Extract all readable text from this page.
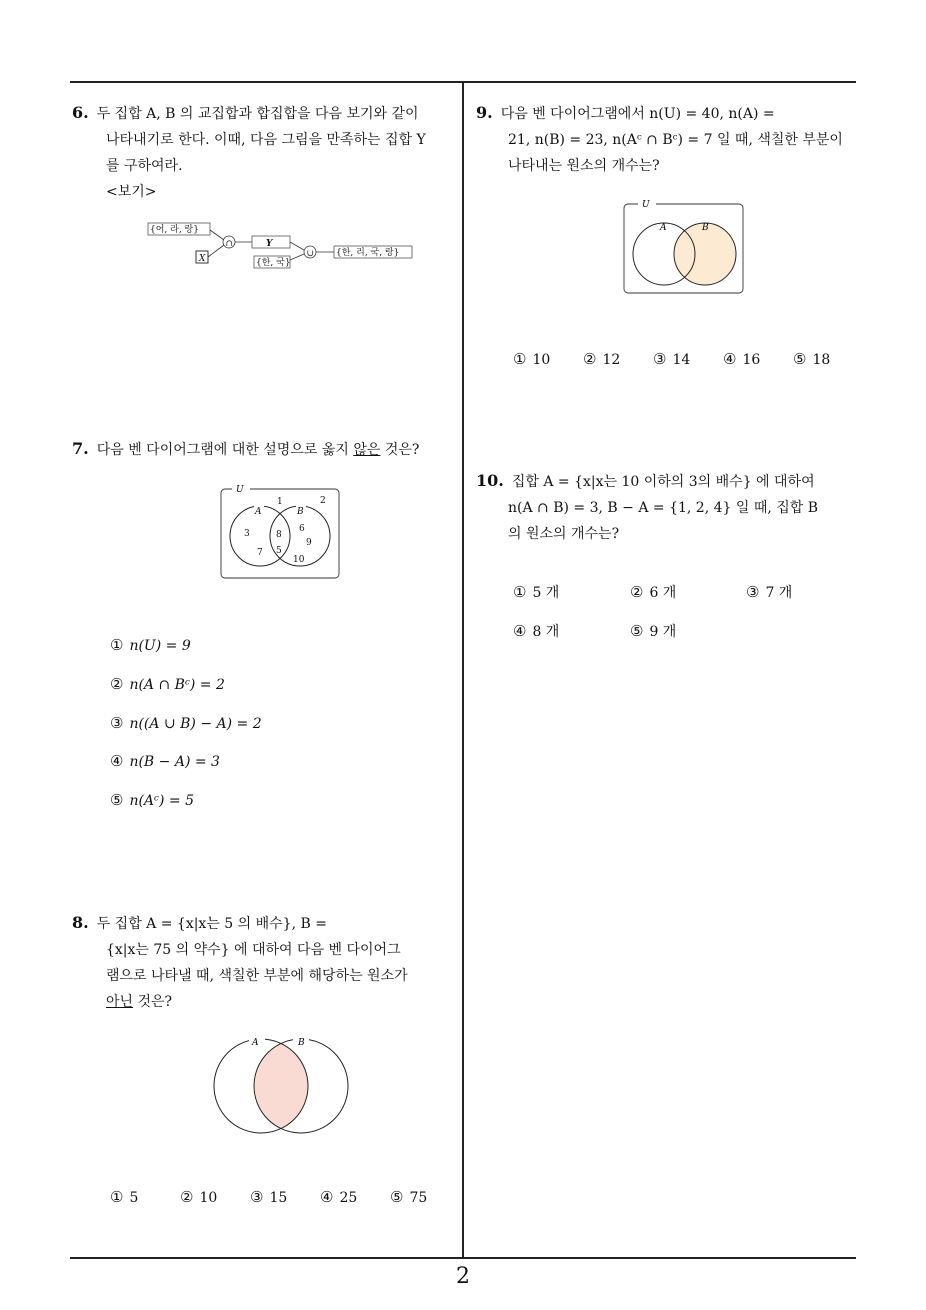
6. 두 집합 A, B 의 교집합과 합집합을 다음 보기와 같이
나타내기로 한다. 이때, 다음 그림을 만족하는 집합 Y
를 구하여라.
<보기>
{어, 라, 랑}
X
∩	Y
{한, 국}
∪ {한, 리, 국, 랑}
7. 다음 벤 다이어그램에 대한 설명으로 옳지 않은 것은?
U
A	B
1	2
3
7
8
5
6
9
10
① n(U) = 9
② n(A ∩ Bᶜ) = 2
③ n((A ∪ B) − A) = 2
④ n(B − A) = 3
⑤ n(Aᶜ) = 5
8. 두 집합 A = {x|x는 5 의 배수}, B =
{x|x는 75 의 약수} 에 대하여 다음 벤 다이어그
램으로 나타낼 때, 색칠한 부분에 해당하는 원소가
아닌 것은?
A	B
① 5	② 10 ③ 15 ④ 25 ⑤ 75
9. 다음 벤 다이어그램에서 n(U) = 40, n(A) =
21, n(B) = 23, n(Aᶜ ∩ Bᶜ) = 7 일 때, 색칠한 부분이
나타내는 원소의 개수는?
U
A	B
① 10 ② 12 ③ 14 ④ 16 ⑤ 18
10. 집합 A = {x|x는 10 이하의 3의 배수} 에 대하여
n(A ∩ B) = 3, B − A = {1, 2, 4} 일 때, 집합 B
의 원소의 개수는?
① 5 개	② 6 개	③ 7 개
④ 8 개	⑤ 9 개
2
